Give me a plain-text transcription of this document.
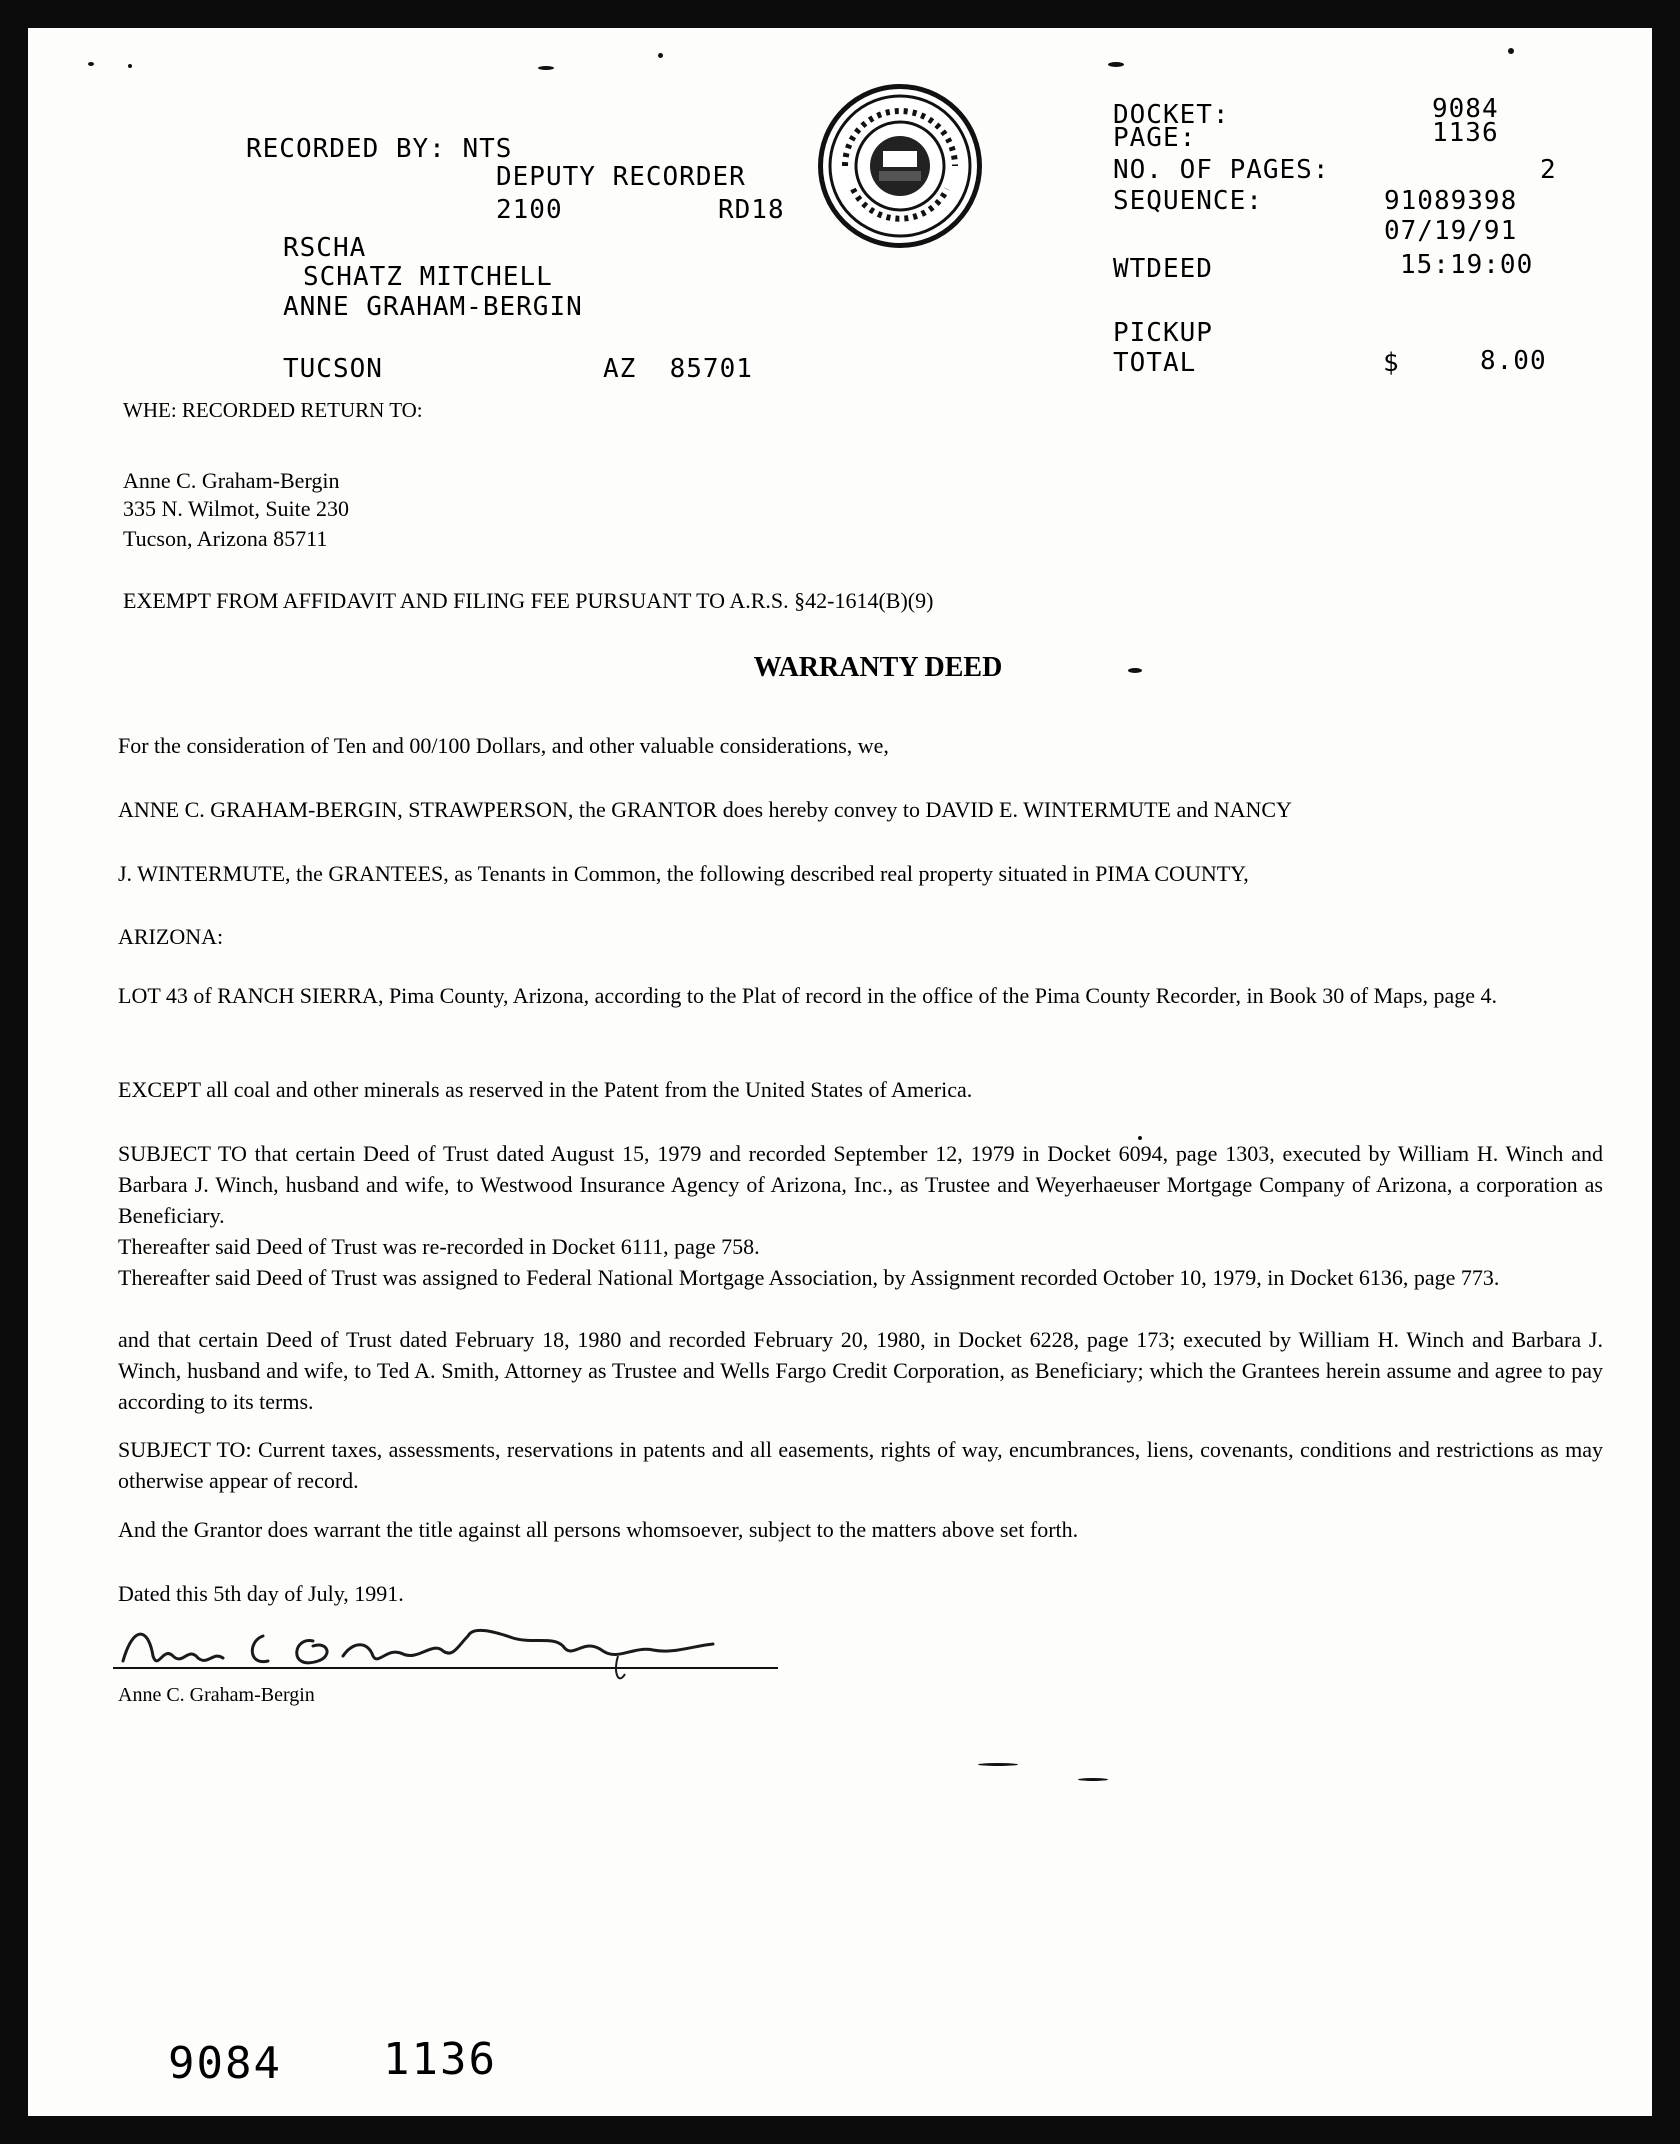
RECORDED BY: NTS
DEPUTY RECORDER
2100	RD18
RSCHA
SCHATZ MITCHELL
ANNE GRAHAM-BERGIN
TUCSON	AZ  85701
DOCKET:	9084
PAGE:	1136
NO. OF PAGES:	2
SEQUENCE:	91089398
07/19/91
WTDEED	15:19:00
PICKUP
TOTAL	$	8.00
WHE: RECORDED RETURN TO:
Anne C. Graham-Bergin
335 N. Wilmot, Suite 230
Tucson, Arizona 85711
EXEMPT FROM AFFIDAVIT AND FILING FEE PURSUANT TO A.R.S. §42-1614(B)(9)
WARRANTY DEED
For the consideration of Ten and 00/100 Dollars, and other valuable considerations, we,
ANNE C. GRAHAM-BERGIN, STRAWPERSON, the GRANTOR does hereby convey to DAVID E. WINTERMUTE and NANCY
J. WINTERMUTE, the GRANTEES, as Tenants in Common, the following described real property situated in PIMA COUNTY,
ARIZONA:
LOT 43 of RANCH SIERRA, Pima County, Arizona, according to the Plat of record in the office of the Pima County Recorder, in Book 30 of Maps, page 4.
EXCEPT all coal and other minerals as reserved in the Patent from the United States of America.
SUBJECT TO that certain Deed of Trust dated August 15, 1979 and recorded September 12, 1979 in Docket 6094, page 1303, executed by William H. Winch and Barbara J. Winch, husband and wife, to Westwood Insurance Agency of Arizona, Inc., as Trustee and Weyerhaeuser Mortgage Company of Arizona, a corporation as Beneficiary.
Thereafter said Deed of Trust was re-recorded in Docket 6111, page 758.
Thereafter said Deed of Trust was assigned to Federal National Mortgage Association, by Assignment recorded October 10, 1979, in Docket 6136, page 773.
and that certain Deed of Trust dated February 18, 1980 and recorded February 20, 1980, in Docket 6228, page 173; executed by William H. Winch and Barbara J. Winch, husband and wife, to Ted A. Smith, Attorney as Trustee and Wells Fargo Credit Corporation, as Beneficiary; which the Grantees herein assume and agree to pay according to its terms.
SUBJECT TO: Current taxes, assessments, reservations in patents and all easements, rights of way, encumbrances, liens, covenants, conditions and restrictions as may otherwise appear of record.
And the Grantor does warrant the title against all persons whomsoever, subject to the matters above set forth.
Dated this 5th day of July, 1991.
Anne C. Graham-Bergin
9084 1136
